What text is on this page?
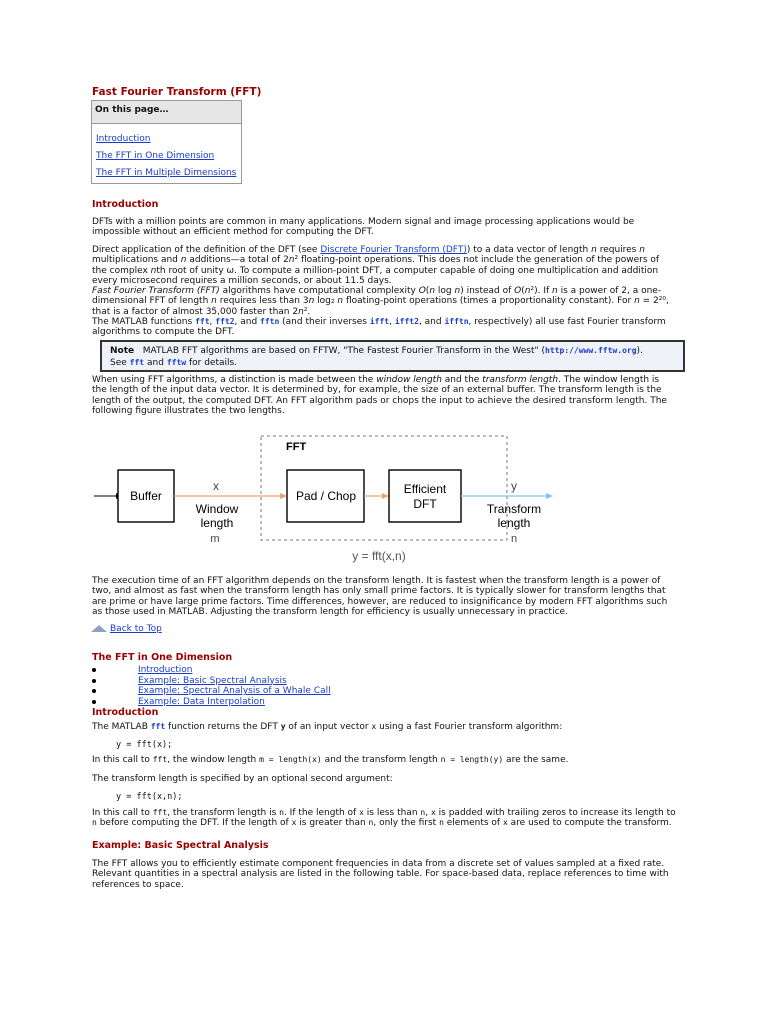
Fast Fourier Transform (FFT)
On this page…
Introduction
The FFT in One Dimension
The FFT in Multiple Dimensions
Introduction
DFTs with a million points are common in many applications. Modern signal and image processing applications would be impossible without an efficient method for computing the DFT.
Direct application of the definition of the DFT (see Discrete Fourier Transform (DFT)) to a data vector of length n requires n multiplications and n additions—a total of 2n² floating-point operations. This does not include the generation of the powers of the complex nth root of unity ω. To compute a million-point DFT, a computer capable of doing one multiplication and addition every microsecond requires a million seconds, or about 11.5 days.
Fast Fourier Transform (FFT) algorithms have computational complexity O(n log n) instead of O(n²). If n is a power of 2, a one-dimensional FFT of length n requires less than 3n log₂ n floating-point operations (times a proportionality constant). For n = 2²⁰, that is a factor of almost 35,000 faster than 2n².
The MATLAB functions fft, fft2, and fftn (and their inverses ifft, ifft2, and ifftn, respectively) all use fast Fourier transform algorithms to compute the DFT.
Note MATLAB FFT algorithms are based on FFTW, "The Fastest Fourier Transform in the West" (http://www.fftw.org).
See fft and fftw for details.
When using FFT algorithms, a distinction is made between the window length and the transform length. The window length is the length of the input data vector. It is determined by, for example, the size of an external buffer. The transform length is the length of the output, the computed DFT. An FFT algorithm pads or chops the input to achieve the desired transform length. The following figure illustrates the two lengths.
FFT
Buffer
x
Window
length
m
Pad / Chop	Efficient
DFT
y
Transform
length
n
y = fft(x,n)
The execution time of an FFT algorithm depends on the transform length. It is fastest when the transform length is a power of two, and almost as fast when the transform length has only small prime factors. It is typically slower for transform lengths that are prime or have large prime factors. Time differences, however, are reduced to insignificance by modern FFT algorithms such as those used in MATLAB. Adjusting the transform length for efficiency is usually unnecessary in practice.
Back to Top
The FFT in One Dimension
Introduction
Example: Basic Spectral Analysis
Example: Spectral Analysis of a Whale Call
Example: Data Interpolation
Introduction
The MATLAB fft function returns the DFT y of an input vector x using a fast Fourier transform algorithm:
y = fft(x);
In this call to fft, the window length m = length(x) and the transform length n = length(y) are the same.
The transform length is specified by an optional second argument:
y = fft(x,n);
In this call to fft, the transform length is n. If the length of x is less than n, x is padded with trailing zeros to increase its length to n before computing the DFT. If the length of x is greater than n, only the first n elements of x are used to compute the transform.
Example: Basic Spectral Analysis
The FFT allows you to efficiently estimate component frequencies in data from a discrete set of values sampled at a fixed rate. Relevant quantities in a spectral analysis are listed in the following table. For space-based data, replace references to time with references to space.
